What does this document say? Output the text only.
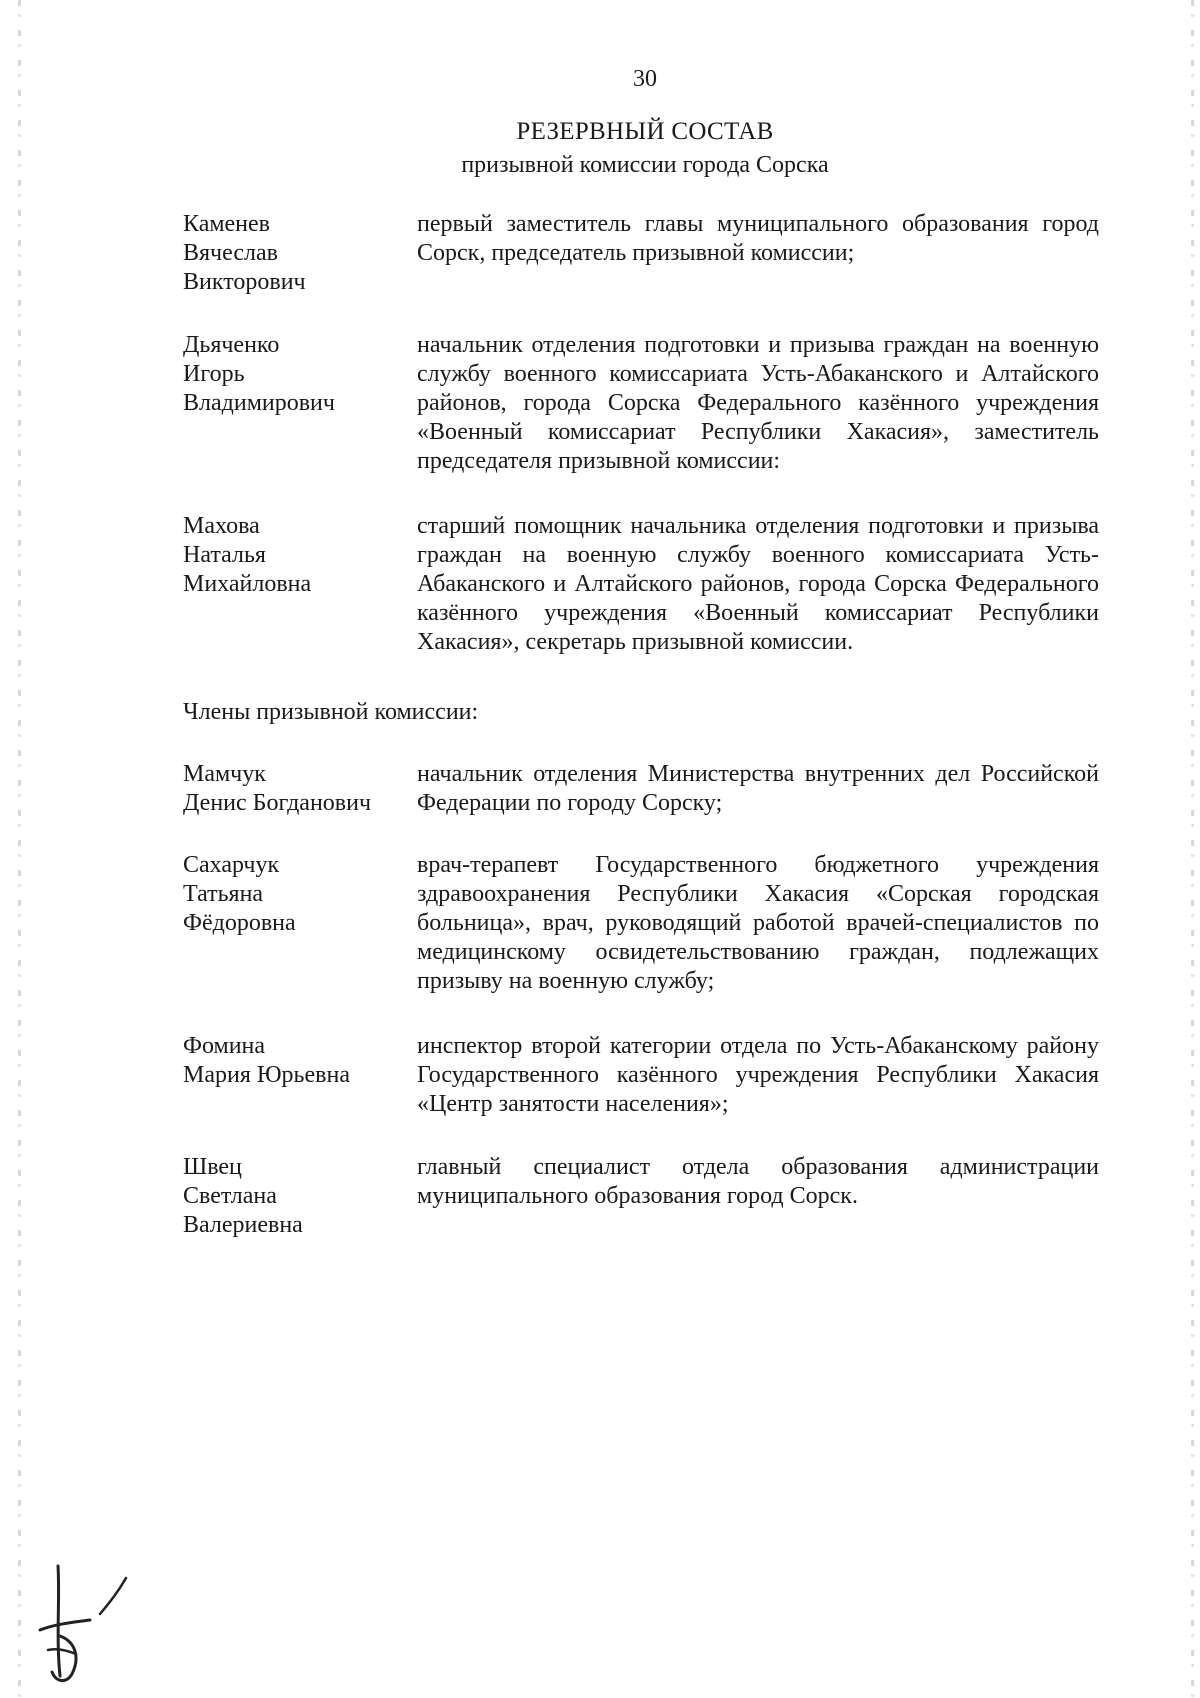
30
РЕЗЕРВНЫЙ СОСТАВ
призывной комиссии города Сорска
Каменев
Вячеслав
Викторович
первый заместитель главы муниципального образования город Сорск, председатель призывной комиссии;
Дьяченко
Игорь
Владимирович
начальник отделения подготовки и призыва граждан на военную службу военного комиссариата Усть-Абаканского и Алтайского районов, города Сорска Федерального казённого учреждения «Военный комиссариат Республики Хакасия», заместитель председателя призывной комиссии:
Махова
Наталья
Михайловна
старший помощник начальника отделения подготовки и призыва граждан на военную службу военного комиссариата Усть-Абаканского и Алтайского районов, города Сорска Федерального казённого учреждения «Военный комиссариат Республики Хакасия», секретарь призывной комиссии.
Члены призывной комиссии:
Мамчук
Денис Богданович
начальник отделения Министерства внутренних дел Российской Федерации по городу Сорску;
Сахарчук
Татьяна
Фёдоровна
врач-терапевт Государственного бюджетного учреждения здравоохранения Республики Хакасия «Сорская городская больница», врач, руководящий работой врачей-специалистов по медицинскому освидетельствованию граждан, подлежащих призыву на военную службу;
Фомина
Мария Юрьевна
инспектор второй категории отдела по Усть-Абаканскому району Государственного казённого учреждения Республики Хакасия «Центр занятости населения»;
Швец
Светлана
Валериевна
главный специалист отдела образования администрации муниципального образования город Сорск.
